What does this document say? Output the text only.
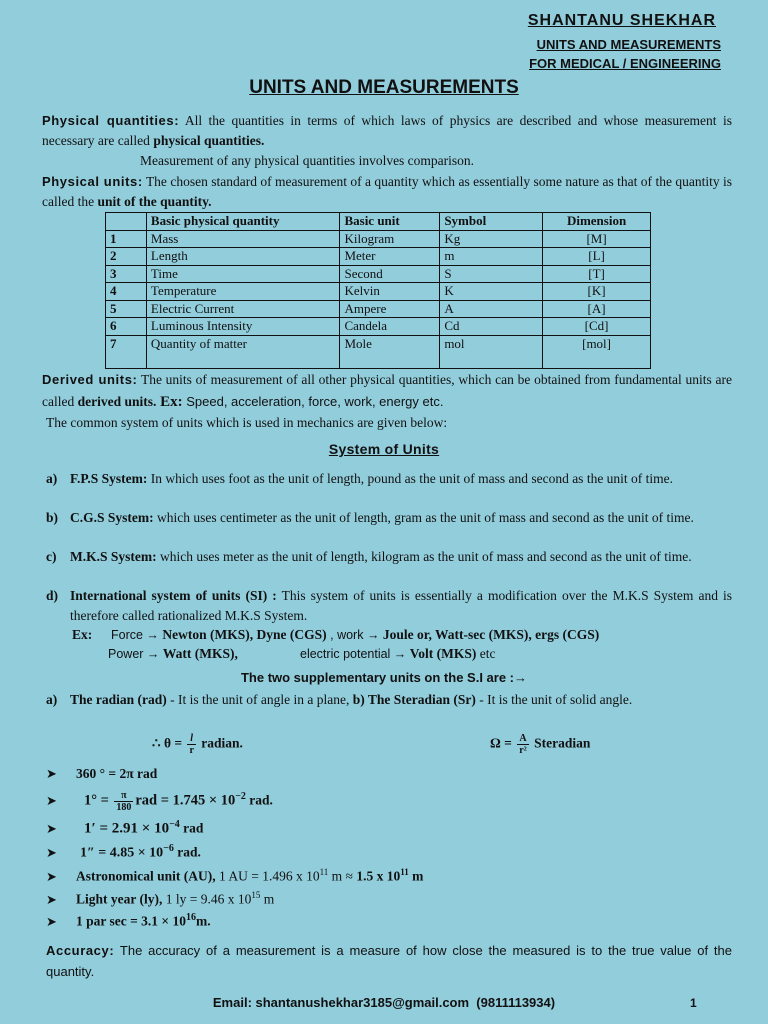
SHANTANU SHEKHAR
UNITS AND MEASUREMENTS
FOR MEDICAL / ENGINEERING
UNITS AND MEASUREMENTS
Physical quantities: All the quantities in terms of which laws of physics are described and whose measurement is necessary are called physical quantities.
Measurement of any physical quantities involves comparison.
Physical units: The chosen standard of measurement of a quantity which as essentially some nature as that of the quantity is called the unit of the quantity.
	Basic physical quantity	Basic unit	Symbol	Dimension
1	Mass	Kilogram	Kg	[M]
2	Length	Meter	m	[L]
3	Time	Second	S	[T]
4	Temperature	Kelvin	K	[K]
5	Electric Current	Ampere	A	[A]
6	Luminous Intensity	Candela	Cd	[Cd]
7	Quantity of matter	Mole	mol	[mol]
Derived units: The units of measurement of all other physical quantities, which can be obtained from fundamental units are called derived units. Ex: Speed, acceleration, force, work, energy etc.
The common system of units which is used in mechanics are given below:
System of Units
a) F.P.S System: In which uses foot as the unit of length, pound as the unit of mass and second as the unit of time.
b) C.G.S System: which uses centimeter as the unit of length, gram as the unit of mass and second as the unit of time.
c) M.K.S System: which uses meter as the unit of length, kilogram as the unit of mass and second as the unit of time.
d) International system of units (SI) : This system of units is essentially a modification over the M.K.S System and is therefore called rationalized M.K.S System.
Ex: Force → Newton (MKS), Dyne (CGS) , work → Joule or, Watt-sec (MKS), ergs (CGS)
Power → Watt (MKS),	electric potential → Volt (MKS) etc
The two supplementary units on the S.I are :→
a) The radian (rad) - It is the unit of angle in a plane, b) The Steradian (Sr) - It is the unit of solid angle.
∴ $\theta = \frac{l}{r}$ radian.	$\Omega = \frac{A}{\text{r²}}$ Steradian
➤ 360 ° = 2π rad
➤ $1^\circ = \frac{\pi}{180}$ rad = $1.745 \times 10^{-2}$ rad.
➤ $1' = 2.91 \times 10^{-4}$ rad
➤ $1'' = 4.85 \times 10^{-6}$ rad.
➤ Astronomical unit (AU), 1 AU = 1.496 x $10^{11}$ m ≈ 1.5 x $10^{11}$ m
➤ Light year (ly), 1 ly = 9.46 x $10^{15}$ m
➤ 1 par $\sec = 3.1 \times 10^{16}m$.
Accuracy: The accuracy of a measurement is a measure of how close the measured is to the true value of the quantity.
Email: shantanushekhar3185@gmail.com  (9811113934)	1
